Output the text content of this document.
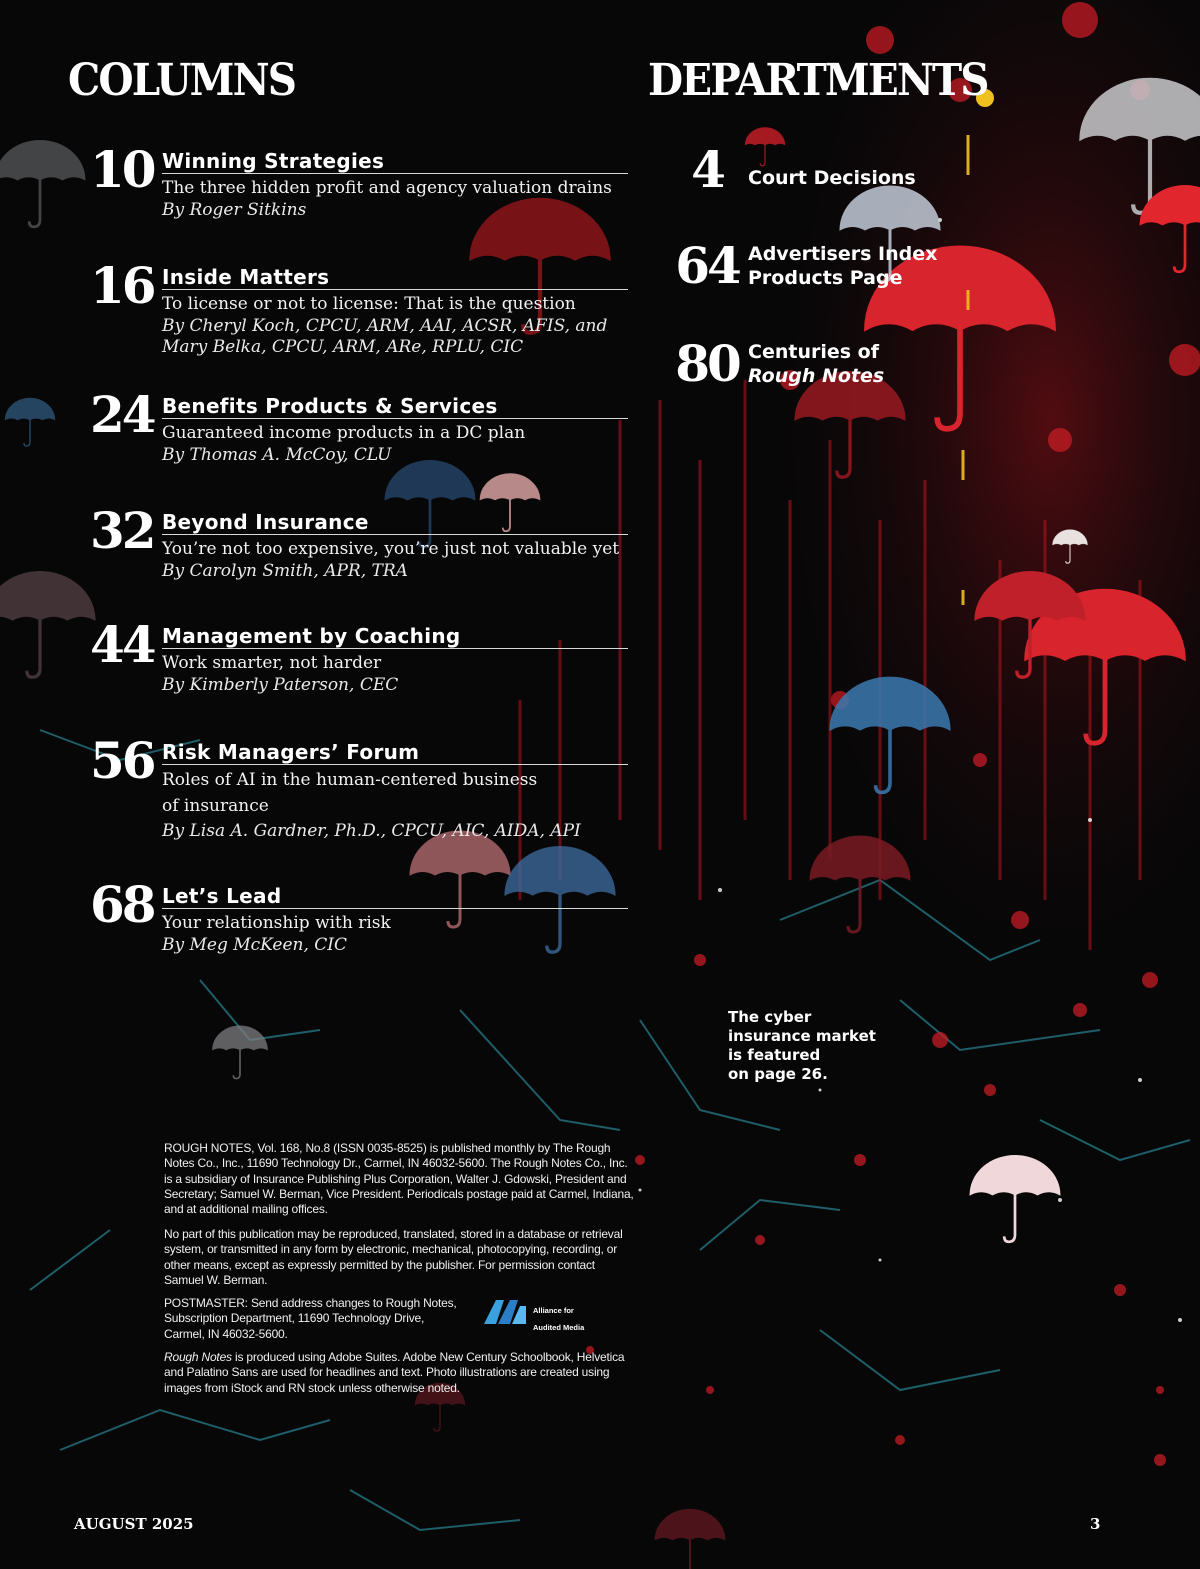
COLUMNS	DEPARTMENTS
10 Winning Strategies
The three hidden profit and agency valuation drains
By Roger Sitkins
16 Inside Matters
To license or not to license: That is the question
By Cheryl Koch, CPCU, ARM, AAI, ACSR, AFIS, and Mary Belka, CPCU, ARM, ARe, RPLU, CIC
24 Benefits Products & Services
Guaranteed income products in a DC plan
By Thomas A. McCoy, CLU
32 Beyond Insurance
You’re not too expensive, you’re just not valuable yet
By Carolyn Smith, APR, TRA
44 Management by Coaching
Work smarter, not harder
By Kimberly Paterson, CEC
56 Risk Managers’ Forum
Roles of AI in the human-centered business of insurance
By Lisa A. Gardner, Ph.D., CPCU, AIC, AIDA, API
68 Let’s Lead
Your relationship with risk
By Meg McKeen, CIC
4	Court Decisions
64 Advertisers Index
Products Page
80 Centuries of
Rough Notes
The cyber
insurance market
is featured
on page 26.
ROUGH NOTES, Vol. 168, No.8 (ISSN 0035-8525) is published monthly by The Rough Notes Co., Inc., 11690 Technology Dr., Carmel, IN 46032-5600. The Rough Notes Co., Inc. is a subsidiary of Insurance Publishing Plus Corporation, Walter J. Gdowski, President and Secretary; Samuel W. Berman, Vice President. Periodicals postage paid at Carmel, Indiana, and at additional mailing offices.
No part of this publication may be reproduced, translated, stored in a database or retrieval system, or transmitted in any form by electronic, mechanical, photocopying, recording, or other means, except as expressly permitted by the publisher. For permission contact Samuel W. Berman.
POSTMASTER: Send address changes to Rough Notes, Subscription Department, 11690 Technology Drive, Carmel, IN 46032-5600.
Alliance for
Audited Media
Rough Notes is produced using Adobe Suites. Adobe New Century Schoolbook, Helvetica and Palatino Sans are used for headlines and text. Photo illustrations are created using images from iStock and RN stock unless otherwise noted.
AUGUST 2025	3
